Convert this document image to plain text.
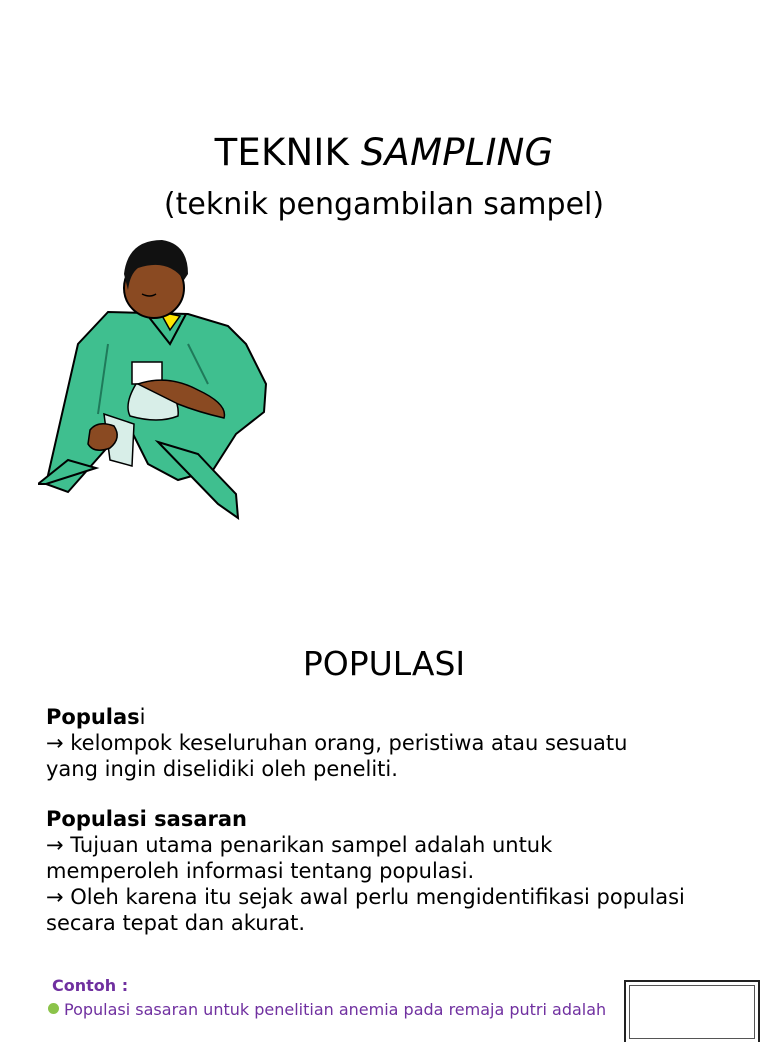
TEKNIK SAMPLING
(teknik pengambilan sampel)
POPULASI

Populasi

→ kelompok keseluruhan orang, peristiwa atau sesuatu yang ingin diselidiki oleh peneliti.

Populasi sasaran

→ Tujuan utama penarikan sampel adalah untuk memperoleh informasi tentang populasi.

→ Oleh karena itu sejak awal perlu mengidentifikasi populasi secara tepat dan akurat.

Contoh :
Populasi sasaran untuk penelitian anemia pada remaja putri adalah
